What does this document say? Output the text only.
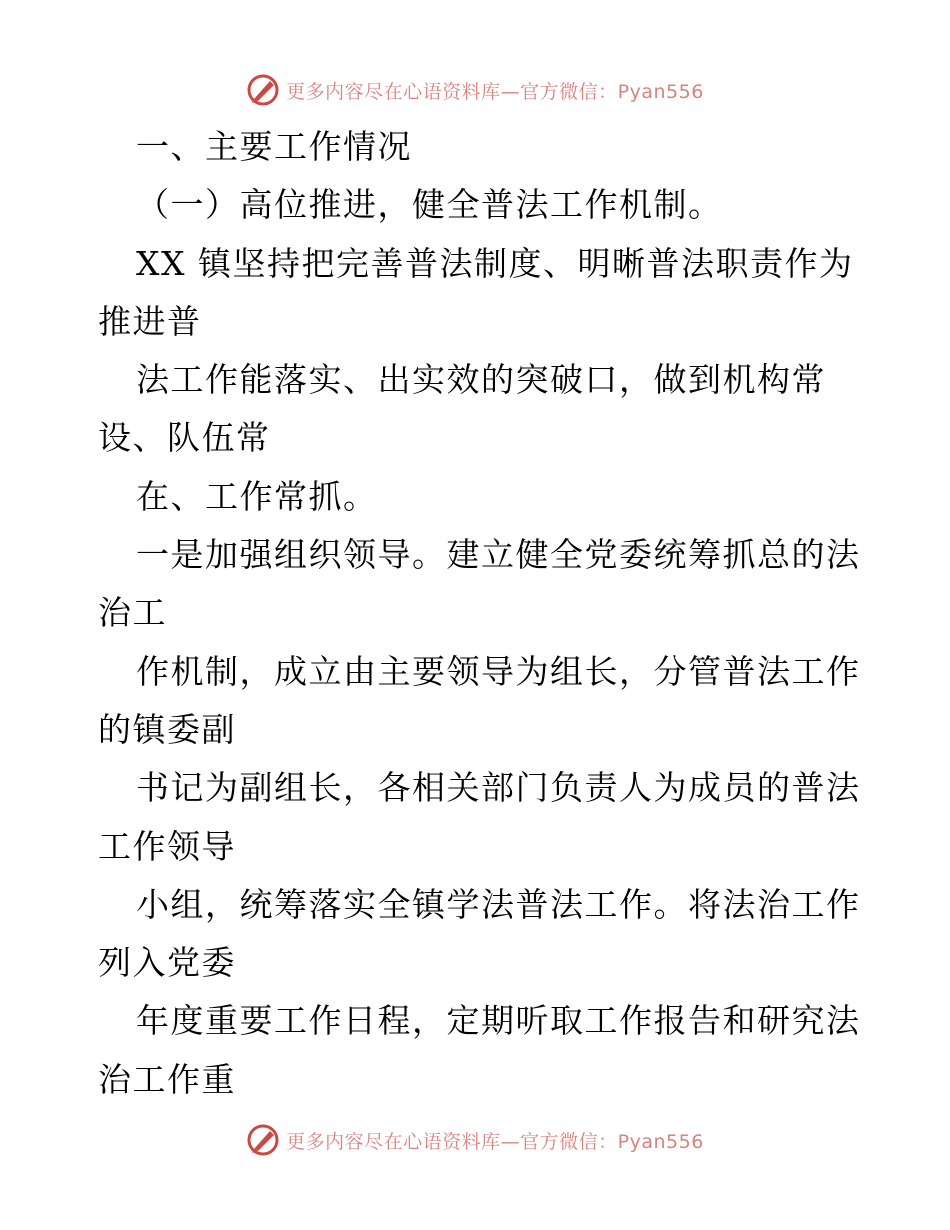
更多内容尽在心语资料库—官方微信：Pyan556
一、主要工作情况
（一）高位推进，健全普法工作机制。
XX 镇坚持把完善普法制度、明晰普法职责作为
推进普
法工作能落实、出实效的突破口，做到机构常
设、队伍常
在、工作常抓。
一是加强组织领导。建立健全党委统筹抓总的法
治工
作机制，成立由主要领导为组长，分管普法工作
的镇委副
书记为副组长，各相关部门负责人为成员的普法
工作领导
小组，统筹落实全镇学法普法工作。将法治工作
列入党委
年度重要工作日程，定期听取工作报告和研究法
治工作重
更多内容尽在心语资料库—官方微信：Pyan556
